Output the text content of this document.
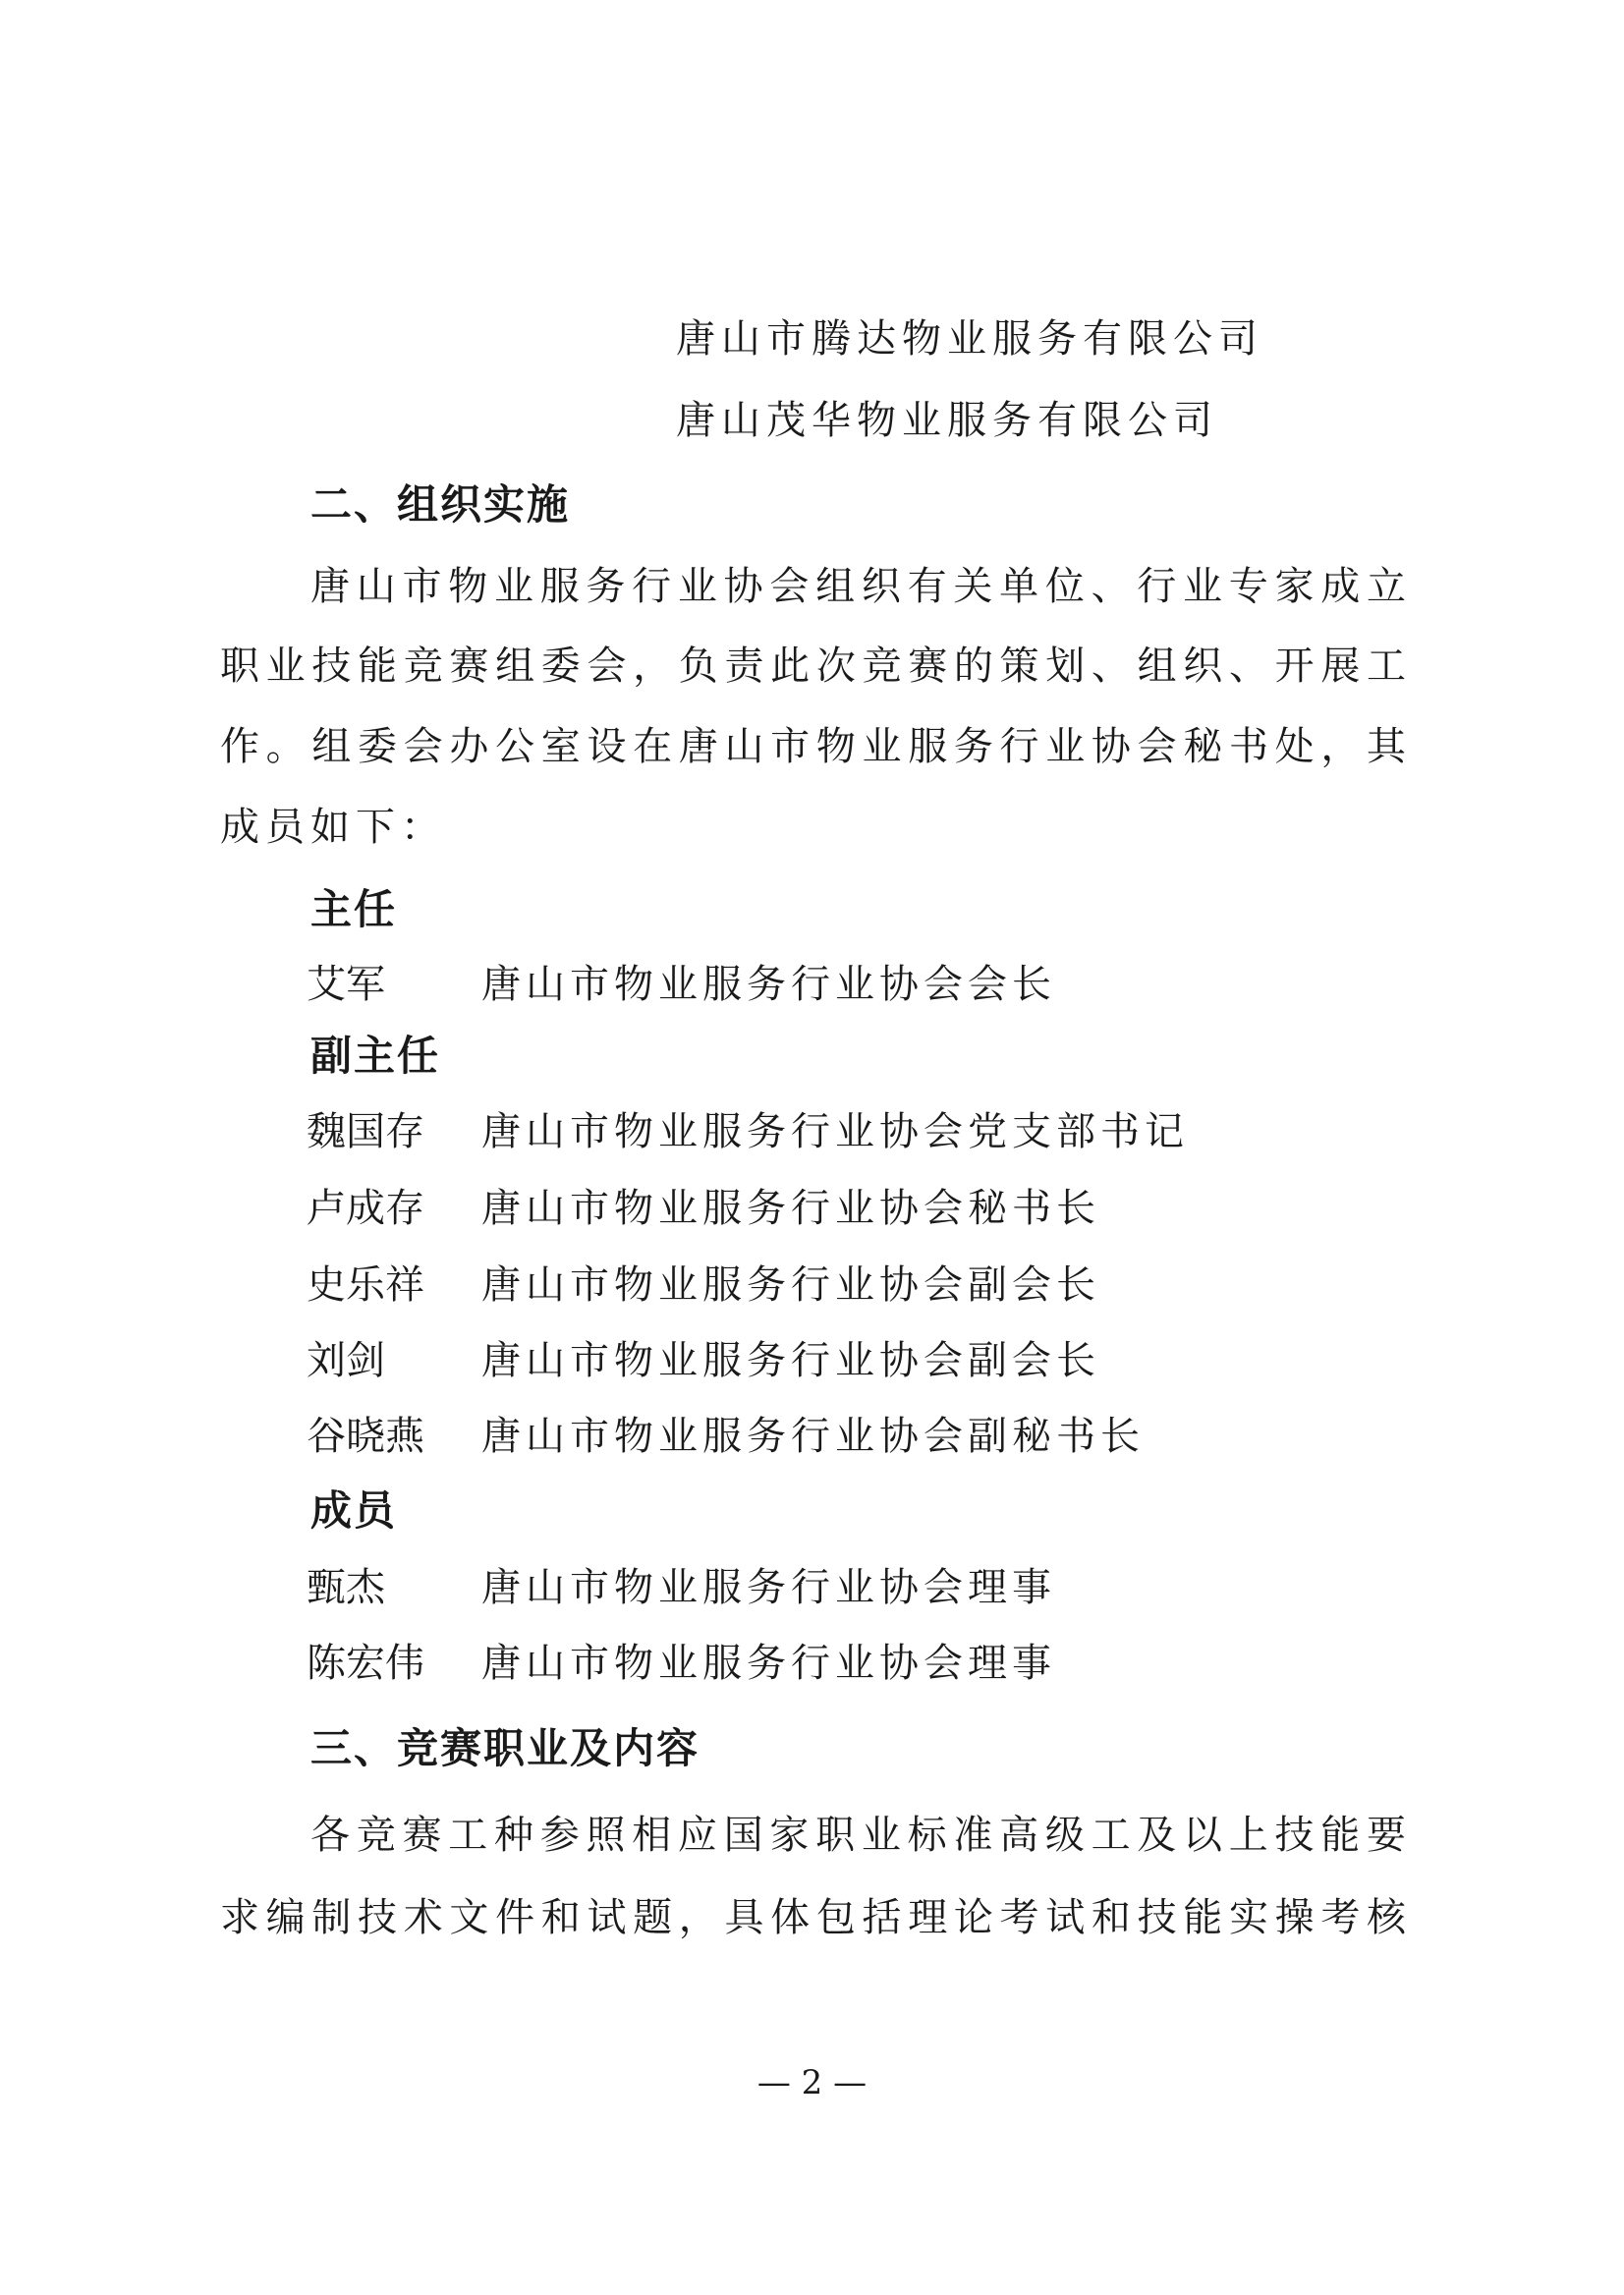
唐山市腾达物业服务有限公司
唐山茂华物业服务有限公司
二、组织实施
唐山市物业服务行业协会组织有关单位、行业专家成立
职业技能竞赛组委会，负责此次竞赛的策划、组织、开展工
作。组委会办公室设在唐山市物业服务行业协会秘书处，其
成员如下：
主任
艾军 唐山市物业服务行业协会会长
副主任
魏国存 唐山市物业服务行业协会党支部书记
卢成存 唐山市物业服务行业协会秘书长
史乐祥 唐山市物业服务行业协会副会长
刘剑 唐山市物业服务行业协会副会长
谷晓燕 唐山市物业服务行业协会副秘书长
成员
甄杰 唐山市物业服务行业协会理事
陈宏伟 唐山市物业服务行业协会理事
三、竞赛职业及内容
各竞赛工种参照相应国家职业标准高级工及以上技能要
求编制技术文件和试题，具体包括理论考试和技能实操考核
— 2 —
